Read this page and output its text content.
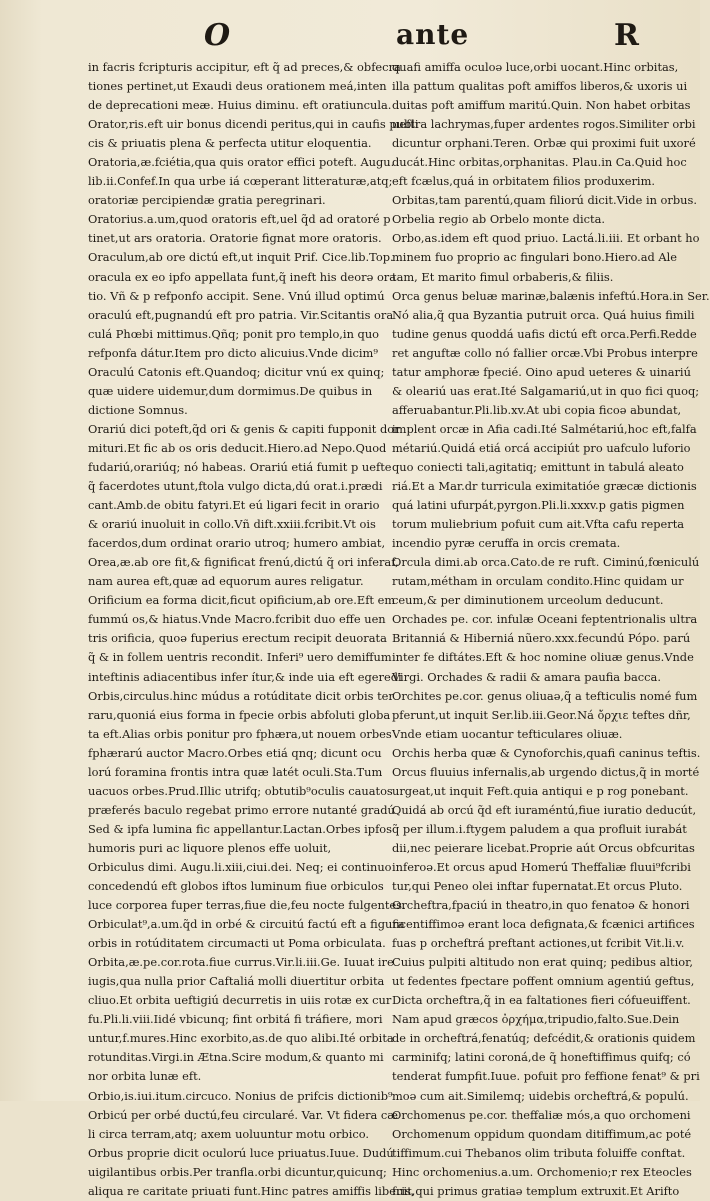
O	ante	R
in facris fcripturis accipitur, eft q̃ ad preces,& obfecra
tiones pertinet,ut Exaudi deus orationem meá,inten
de deprecationi meæ. Huius diminu. eft oratiuncula.
Orator,ris.eft uir bonus dicendi peritus,qui in caufis publi
cis & priuatis plena & perfecta utitur eloquentia.
Oratoria,æ.fciétia,qua quis orator effici poteft. Augu.
lib.ii.Confef.In qua urbe iá cœperant litteraturæ,atq;
oratoriæ percipiendæ gratia peregrinari.
Oratorius.a.um,quod oratoris eft,uel q̃d ad oratoré p
tinet,ut ars oratoria. Oratorie fignat more oratoris.
Oraculum,ab ore dictú eft,ut inquit Prif. Cice.lib.Top.
oracula ex eo ipfo appellata funt,q̃ ineft his deorǝ ora
tio. Vñ & p refponfo accipit. Sene. Vnú illud optimú
oraculú eft,pugnandú eft pro patria. Vir.Scitantis ora
culá Phœbi mittimus.Qñq; ponit pro templo,in quo
refponfa dátur.Item pro dicto alicuius.Vnde dicim⁹
Oraculú Catonis eft.Quandoq; dicitur vnú ex quinq;
quæ uidere uidemur,dum dormimus.De quibus in
dictione Somnus.
Orariú dici poteft,q̃d ori & genis & capiti fupponit dor
mituri.Et fic ab os oris deducit.Hiero.ad Nepo.Quod
fudariú,orariúq; nó habeas. Orariú etiá fumit p uefte
q̃ facerdotes utunt,ftola vulgo dicta,dú orat.i.prædi
cant.Amb.de obitu fatyri.Et eú ligari fecit in orario
& orariú inuoluit in collo.Vñ dift.xxiii.fcribit.Vt ois
facerdos,dum ordinat orario utroq; humero ambiat,
Orea,æ.ab ore fit,& fignificat frenú,dictú q̃ ori inferaf,
nam aurea eft,quæ ad equorum aures religatur.
Orificium ea forma dicit,ficut opificium,ab ore.Eft em
fummú os,& hiatus.Vnde Macro.fcribit duo effe uen
tris orificia, quoǝ fuperius erectum recipit deuorata
q̃ & in follem uentris recondit. Inferi⁹ uero demiffum
inteftinis adiacentibus infer ítur,& inde uia eft egeredi
Orbis,circulus.hinc múdus a rotúditate dicit orbis ter
raru,quoniá eius forma in fpecie orbis abfoluti globa
ta eft.Alias orbis ponitur pro fphæra,ut nouem orbes
fphærarú auctor Macro.Orbes etiá qnq; dicunt ocu
lorú foramina frontis intra quæ latét oculi.Sta.Tum
uacuos orbes.Prud.Illic utrifq; obtutib⁹oculis cauatos
præferés baculo regebat primo errore nutanté gradú
Sed & ipfa lumina fic appellantur.Lactan.Orbes ipfos
humoris puri ac liquore plenos effe uoluit,
Orbiculus dimi. Augu.li.xiii,ciui.dei. Neq; ei continuo
concedendú eft globos iftos luminum fiue orbiculos
luce corporea fuper terras,fiue die,feu nocte fulgentes.
Orbiculat⁹,a.um.q̃d in orbé & circuitú factú eft a figura
orbis in rotúditatem circumacti ut Poma orbiculata.
Orbita,æ.pe.cor.rota.fiue currus.Vir.li.iii.Ge. Iuuat ire
iugis,qua nulla prior Caftaliá molli diuertitur orbita
cliuo.Et orbita ueftigiú decurretis in uiis rotæ ex cur
fu.Pli.li.viii.Iidé vbicunq; fint orbitá fi tráfiere, mori
untur,f.mures.Hinc exorbito,as.de quo alibi.Ité orbita
rotunditas.Virgi.in Ætna.Scire modum,& quanto mi
nor orbita lunæ eft.
Orbio,is.iui.itum.circuco. Nonius de prifcis dictionib⁹
Orbicú per orbé ductú,feu circularé. Var. Vt fidera cæ
li circa terram,atq; axem uoluuntur motu orbico.
Orbus proprie dicit oculorú luce priuatus.Iuue. Dudú
uigilantibus orbis.Per tranfla.orbi dicuntur,quicunq;
aliqua re caritate priuati funt.Hinc patres amiffis liberis,
quafi amiffa oculoǝ luce,orbi uocant.Hinc orbitas,
illa pattum qualitas poft amiffos liberos,& uxoris ui
duitas poft amiffum maritú.Quin. Non habet orbitas
ueftra lachrymas,fuper ardentes rogos.Similiter orbi
dicuntur orphani.Teren. Orbæ qui proximi fuit uxoré
ducát.Hinc orbitas,orphanitas. Plau.in Ca.Quid hoc
eft fcælus,quá in orbitatem filios produxerim.
Orbitas,tam parentú,quam filiorú dicit.Vide in orbus.
Orbelia regio ab Orbelo monte dicta.
Orbo,as.idem eft quod priuo. Lactá.li.iii. Et orbant ho
minem fuo proprio ac fingulari bono.Hiero.ad Ale
tam, Et marito fimul orbaberis,& filiis.
Orca genus beluæ marinæ,balænis infeftú.Hora.in Ser.
Nó alia,q̃ qua Byzantia putruit orca. Quá huius fimili
tudine genus quoddá uafis dictú eft orca.Perfi.Redde
ret anguftæ collo nó fallier orcæ.Vbi Probus interpre
tatur amphoræ fpecié. Oino apud ueteres & uinariú
& oleariú uas erat.Ité Salgamariú,ut in quo fici quoq;
afferuabantur.Pli.lib.xv.At ubi copia ficoǝ abundat,
implent orcæ in Afia cadi.Ité Salmétariú,hoc eft,falfa
métariú.Quidá etiá orcá accipiút pro uafculo luforio
quo coniecti tali,agitatiq; emittunt in tabulá aleato
riá.Et a Mar.dr turricula eximitatióe græcæ dictionis
quá latini ufurpát,pyrgon.Pli.li.xxxv.p gatis pigmen
torum muliebrium pofuit cum ait.Vfta cafu reperta
incendio pyræ ceruffa in orcis cremata.
Orcula dimi.ab orca.Cato.de re ruft. Ciminú,fœniculú
rutam,métham in orculam condito.Hinc quidam ur
ceum,& per diminutionem urceolum deducunt.
Orchades pe. cor. infulæ Oceani feptentrionalis ultra
Britanniá & Hiberniá nũero.xxx.fecundú Pópo. parú
inter fe diftátes.Eft & hoc nomine oliuæ genus.Vnde
Virgi. Orchades & radii & amara paufia bacca.
Orchites pe.cor. genus oliuaǝ,q̃ a tefticulis nomé fum
pferunt,ut inquit Ser.lib.iii.Geor.Ná ὄρχιε teftes dñr,
Vnde etiam uocantur tefticulares oliuæ.
Orchis herba quæ & Cynoforchis,quafi caninus teftis.
Orcus fluuius infernalis,ab urgendo dictus,q̃ in morté
urgeat,ut inquit Feft.quia antiqui e p rog ponebant.
Quidá ab orcú q̃d eft iuraméntú,fiue iuratio deducút,
q̃ per illum.i.ftygem paludem a qua profluit iurabát
dii,nec peierare licebat.Proprie aút Orcus obfcuritas
inferoǝ.Et orcus apud Homerú Theffaliæ fluui⁹fcribi
tur,qui Peneo olei inftar fupernatat.Et orcus Pluto.
Orcheftra,fpaciú in theatro,in quo fenatoǝ & honori
ficentiffimoǝ erant loca defignata,& fcænici artifices
fuas p orcheftrá preftant actiones,ut fcribit Vit.li.v.
Cuius pulpiti altitudo non erat quinq; pedibus altior,
ut fedentes fpectare poffent omnium agentiú geftus,
Dicta orcheftra,q̃ in ea faltationes fieri cófueuiffent.
Nam apud græcos ὀρχήμα,tripudio,falto.Sue.Dein
de in orcheftrá,fenatúq; defcédit,& orationis quidem
carminifq; latini coroná,de q̃ honeftiffimus quifq; có
tenderat fumpfit.Iuue. pofuit pro feffione fenat⁹ & pri
moǝ cum ait.Similemq; uidebis orcheftrá,& populú.
Orchomenus pe.cor. theffaliæ mós,a quo orchomeni
Orchomenum oppidum quondam ditiffimum,ac poté
tiffimum.cui Thebanos olim tributa foluiffe conftat.
Hinc orchomenius.a.um. Orchomenio;r rex Eteocles
fuit,qui primus gratiaǝ templum extruxit.Et Arifto
